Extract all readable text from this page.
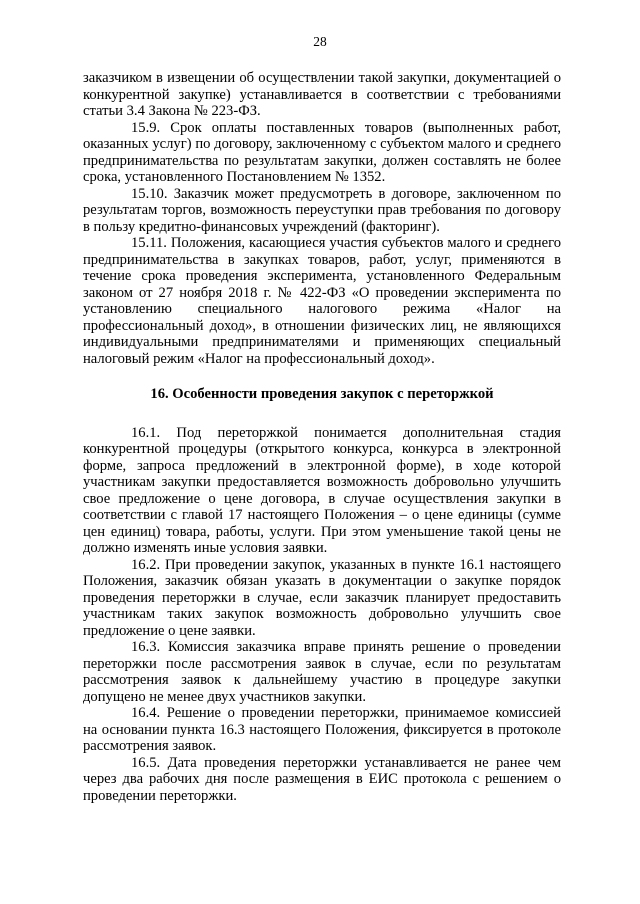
28

заказчиком в извещении об осуществлении такой закупки, документацией о конкурентной закупке) устанавливается в соответствии с требованиями статьи 3.4 Закона № 223-ФЗ.

15.9. Срок оплаты поставленных товаров (выполненных работ, оказанных услуг) по договору, заключенному с субъектом малого и среднего предпринимательства по результатам закупки, должен составлять не более срока, установленного Постановлением № 1352.

15.10. Заказчик может предусмотреть в договоре, заключенном по результатам торгов, возможность переуступки прав требования по договору в пользу кредитно-финансовых учреждений (факторинг).

15.11. Положения, касающиеся участия субъектов малого и среднего предпринимательства в закупках товаров, работ, услуг, применяются в течение срока проведения эксперимента, установленного Федеральным законом от 27 ноября 2018 г. № 422-ФЗ «О проведении эксперимента по установлению специального налогового режима «Налог на профессиональный доход», в отношении физических лиц, не являющихся индивидуальными предпринимателями и применяющих специальный налоговый режим «Налог на профессиональный доход».

16. Особенности проведения закупок с переторжкой

16.1. Под переторжкой понимается дополнительная стадия конкурентной процедуры (открытого конкурса, конкурса в электронной форме, запроса предложений в электронной форме), в ходе которой участникам закупки предоставляется возможность добровольно улучшить свое предложение о цене договора, в случае осуществления закупки в соответствии с главой 17 настоящего Положения – о цене единицы (сумме цен единиц) товара, работы, услуги. При этом уменьшение такой цены не должно изменять иные условия заявки.

16.2. При проведении закупок, указанных в пункте 16.1 настоящего Положения, заказчик обязан указать в документации о закупке порядок проведения переторжки в случае, если заказчик планирует предоставить участникам таких закупок возможность добровольно улучшить свое предложение о цене заявки.

16.3. Комиссия заказчика вправе принять решение о проведении переторжки после рассмотрения заявок в случае, если по результатам рассмотрения заявок к дальнейшему участию в процедуре закупки допущено не менее двух участников закупки.

16.4. Решение о проведении переторжки, принимаемое комиссией на основании пункта 16.3 настоящего Положения, фиксируется в протоколе рассмотрения заявок.

16.5. Дата проведения переторжки устанавливается не ранее чем через два рабочих дня после размещения в ЕИС протокола с решением о проведении переторжки.
